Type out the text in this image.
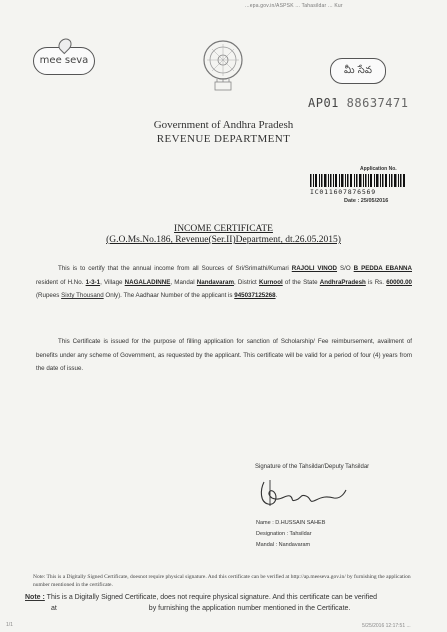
...epa.gov.in/ASPSK ... Tahasildar ... Kur
mee seva
మీ సేవ
AP01 88637471
Government of Andhra Pradesh
REVENUE DEPARTMENT
Application No.
IC011607876569
Date : 25/05/2016
INCOME CERTIFICATE
(G.O.Ms.No.186, Revenue(Ser.II)Department, dt.26.05.2015)
This is to certify that the annual income from all Sources of Sri/Srimathi/Kumari RAJOLI VINOD S/O B PEDDA EBANNA resident of H.No. 1-3-1, Village NAGALADINNE, Mandal Nandavaram, District Kurnool of the State AndhraPradesh is Rs. 60000.00 (Rupees Sixty Thousand Only). The Aadhaar Number of the applicant is 945037125268.
This Certificate is issued for the purpose of filling application for sanction of Scholarship/ Fee reimbursement, availment of benefits under any scheme of Government, as requested by the applicant. This certificate will be valid for a period of four (4) years from the date of issue.
Signature of the Tahsildar/Deputy Tahsildar
Name : D.HUSSAIN SAHEB
Designation : Tahsildar
Mandal : Nandavaram
Note: This is a Digitally Signed Certificate, doesnot require physical signature. And this certificate can be verified at http://ap.meeseva.gov.in/ by furnishing the application number mentioned in the certificate.
Note : This is a Digitally Signed Certificate, does not require physical signature. And this certificate can be verified
at	by furnishing the application number mentioned in the Certificate.
1/1	5/25/2016 12:17:51 ...
